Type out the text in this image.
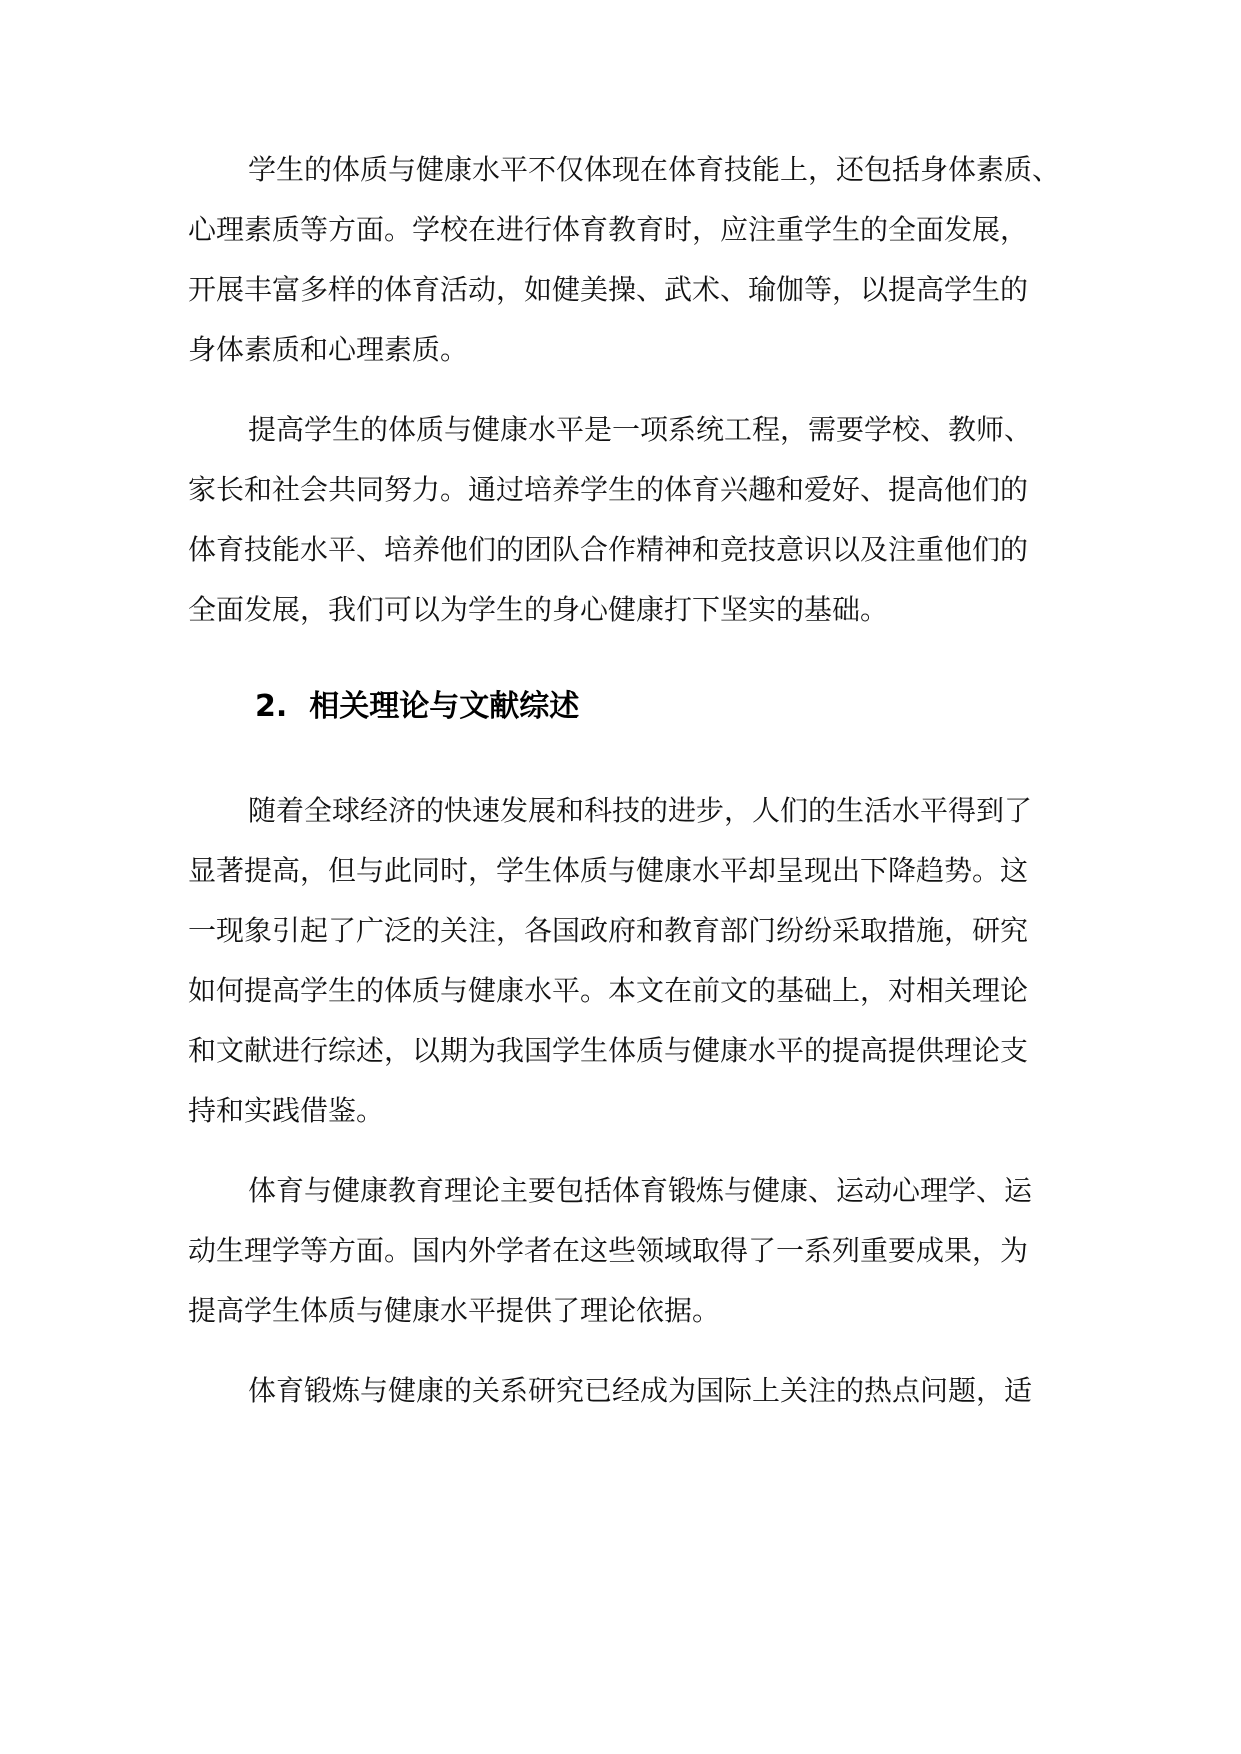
学生的体质与健康水平不仅体现在体育技能上，还包括身体素质、
心理素质等方面。学校在进行体育教育时，应注重学生的全面发展，
开展丰富多样的体育活动，如健美操、武术、瑜伽等，以提高学生的
身体素质和心理素质。
提高学生的体质与健康水平是一项系统工程，需要学校、教师、
家长和社会共同努力。通过培养学生的体育兴趣和爱好、提高他们的
体育技能水平、培养他们的团队合作精神和竞技意识以及注重他们的
全面发展，我们可以为学生的身心健康打下坚实的基础。
2. 相关理论与文献综述
随着全球经济的快速发展和科技的进步，人们的生活水平得到了
显著提高，但与此同时，学生体质与健康水平却呈现出下降趋势。这
一现象引起了广泛的关注，各国政府和教育部门纷纷采取措施，研究
如何提高学生的体质与健康水平。本文在前文的基础上，对相关理论
和文献进行综述，以期为我国学生体质与健康水平的提高提供理论支
持和实践借鉴。
体育与健康教育理论主要包括体育锻炼与健康、运动心理学、运
动生理学等方面。国内外学者在这些领域取得了一系列重要成果，为
提高学生体质与健康水平提供了理论依据。
体育锻炼与健康的关系研究已经成为国际上关注的热点问题，适
